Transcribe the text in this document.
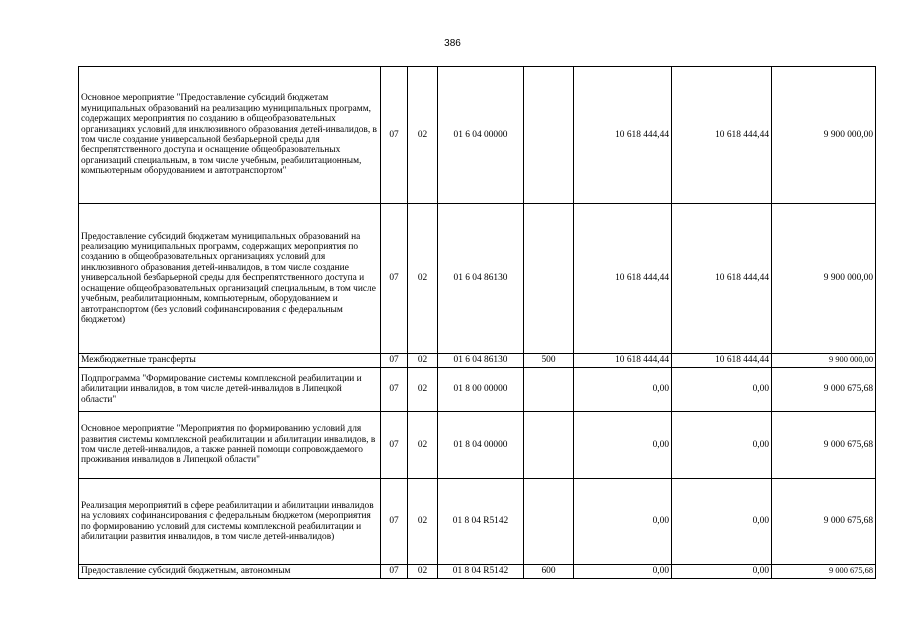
386
Основное мероприятие "Предоставление субсидий бюджетам муниципальных образований на реализацию муниципальных программ, содержащих мероприятия по созданию в общеобразовательных организациях условий для инклюзивного образования детей-инвалидов, в том числе создание универсальной безбарьерной среды для беспрепятственного доступа и оснащение общеобразовательных организаций специальным, в том числе учебным, реабилитационным, компьютерным оборудованием и автотранспортом"	07	02	01 6 04 00000		10 618 444,44	10 618 444,44	9 900 000,00
Предоставление субсидий бюджетам муниципальных образований на реализацию муниципальных программ, содержащих мероприятия по созданию в общеобразовательных организациях условий для инклюзивного образования детей-инвалидов, в том числе создание универсальной безбарьерной среды для беспрепятственного доступа и оснащение общеобразовательных организаций специальным, в том числе учебным, реабилитационным, компьютерным, оборудованием и автотранспортом (без условий софинансирования с федеральным бюджетом)	07	02	01 6 04 86130		10 618 444,44	10 618 444,44	9 900 000,00
Межбюджетные трансферты	07	02	01 6 04 86130	500	10 618 444,44	10 618 444,44	9 900 000,00
Подпрограмма "Формирование системы комплексной реабилитации и абилитации инвалидов, в том числе детей-инвалидов в Липецкой области"	07	02	01 8 00 00000		0,00	0,00	9 000 675,68
Основное мероприятие "Мероприятия по формированию условий для развития системы комплексной реабилитации и абилитации инвалидов, в том числе детей-инвалидов, а также ранней помощи сопровождаемого проживания инвалидов в Липецкой области"	07	02	01 8 04 00000		0,00	0,00	9 000 675,68
Реализация мероприятий в сфере реабилитации и абилитации инвалидов на условиях софинансирования с федеральным бюджетом (мероприятия по формированию условий для системы комплексной реабилитации и абилитации развития инвалидов, в том числе детей-инвалидов)	07	02	01 8 04 R5142		0,00	0,00	9 000 675,68
Предоставление субсидий бюджетным, автономным	07	02	01 8 04 R5142	600	0,00	0,00	9 000 675,68
